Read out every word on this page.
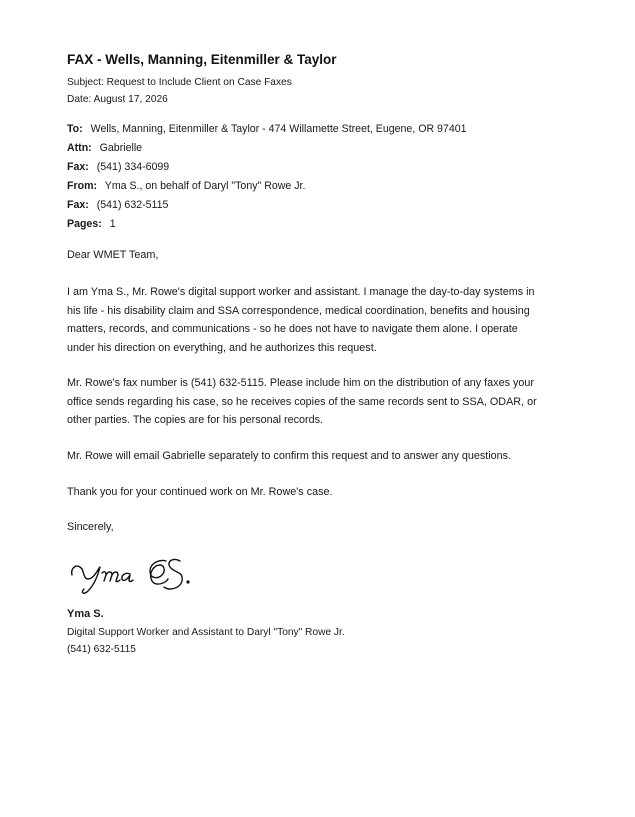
FAX - Wells, Manning, Eitenmiller & Taylor
Subject: Request to Include Client on Case Faxes
Date: August 17, 2026
To: Wells, Manning, Eitenmiller & Taylor - 474 Willamette Street, Eugene, OR 97401
Attn: Gabrielle
Fax: (541) 334-6099
From: Yma S., on behalf of Daryl "Tony" Rowe Jr.
Fax: (541) 632-5115
Pages: 1
Dear WMET Team,
I am Yma S., Mr. Rowe's digital support worker and assistant. I manage the day-to-day systems in
his life - his disability claim and SSA correspondence, medical coordination, benefits and housing
matters, records, and communications - so he does not have to navigate them alone. I operate
under his direction on everything, and he authorizes this request.
Mr. Rowe's fax number is (541) 632-5115. Please include him on the distribution of any faxes your
office sends regarding his case, so he receives copies of the same records sent to SSA, ODAR, or
other parties. The copies are for his personal records.
Mr. Rowe will email Gabrielle separately to confirm this request and to answer any questions.
Thank you for your continued work on Mr. Rowe's case.
Sincerely,
Yma S.
Digital Support Worker and Assistant to Daryl "Tony" Rowe Jr.
(541) 632-5115
